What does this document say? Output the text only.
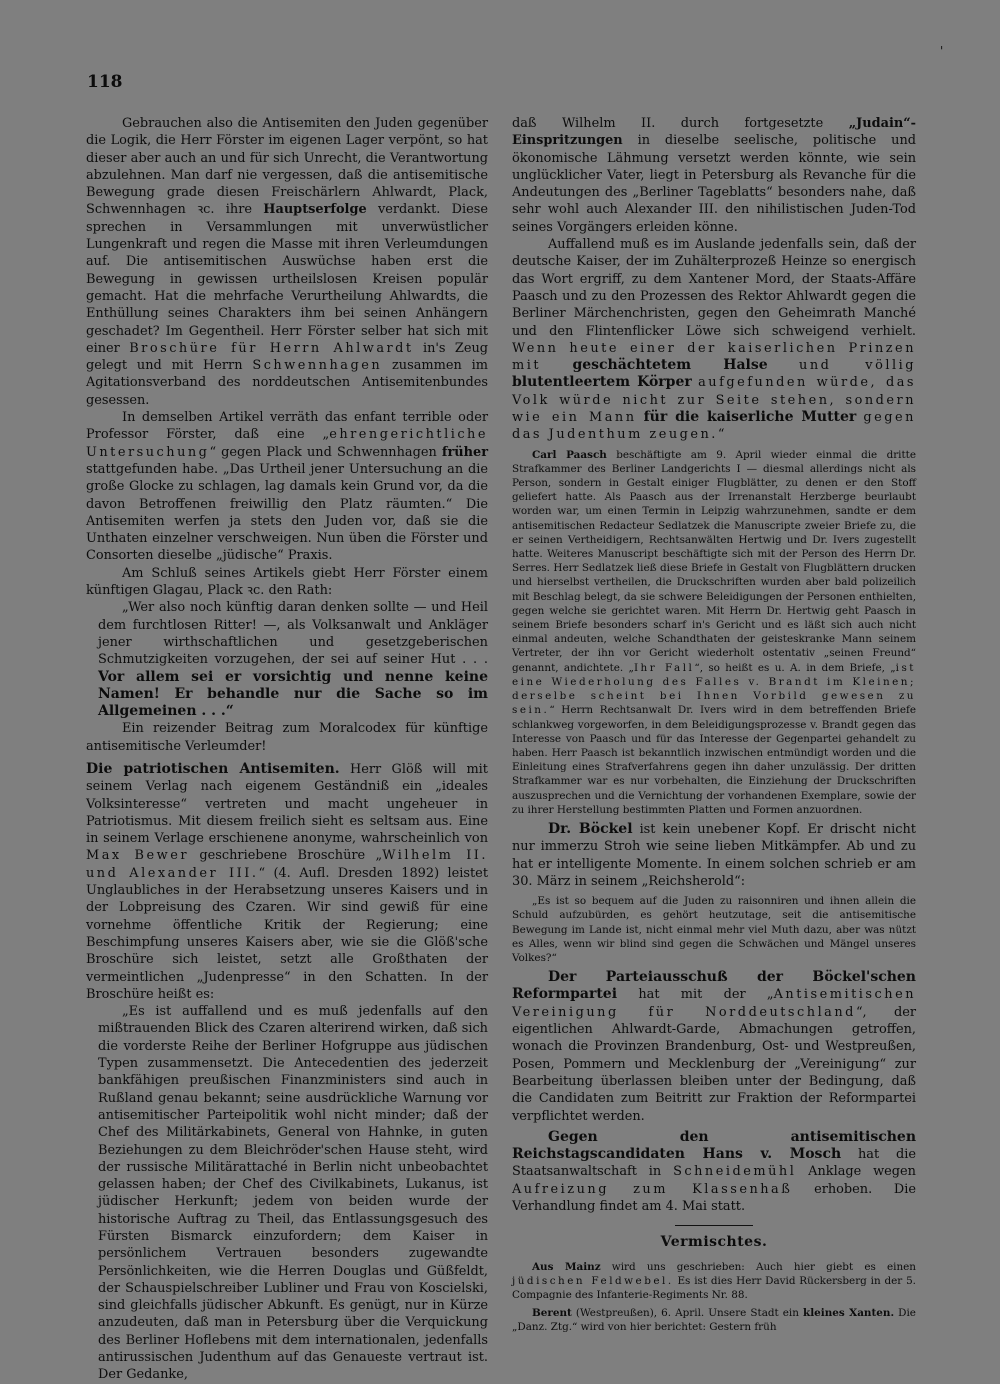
118
'

Gebrauchen also die Antisemiten den Juden gegenüber die Logik, die Herr Förster im eigenen Lager verpönt, so hat dieser aber auch an und für sich Unrecht, die Verantwortung abzulehnen. Man darf nie vergessen, daß die antisemitische Bewegung grade diesen Freischärlern Ahlwardt, Plack, Schwennhagen ꝛc. ihre Hauptserfolge verdankt. Diese sprechen in Versammlungen mit unverwüstlicher Lungenkraft und regen die Masse mit ihren Verleumdungen auf. Die antisemitischen Auswüchse haben erst die Bewegung in gewissen urtheilslosen Kreisen populär gemacht. Hat die mehrfache Verurtheilung Ahlwardts, die Enthüllung seines Charakters ihm bei seinen Anhängern geschadet? Im Gegentheil. Herr Förster selber hat sich mit einer Broschüre für Herrn Ahlwardt in's Zeug gelegt und mit Herrn Schwennhagen zusammen im Agitationsverband des norddeutschen Antisemitenbundes gesessen.

In demselben Artikel verräth das enfant terrible oder Professor Förster, daß eine „ehrengerichtliche Untersuchung“ gegen Plack und Schwennhagen früher stattgefunden habe. „Das Urtheil jener Untersuchung an die große Glocke zu schlagen, lag damals kein Grund vor, da die davon Betroffenen freiwillig den Platz räumten.“ Die Antisemiten werfen ja stets den Juden vor, daß sie die Unthaten einzelner verschweigen. Nun üben die Förster und Consorten dieselbe „jüdische“ Praxis.

Am Schluß seines Artikels giebt Herr Förster einem künftigen Glagau, Plack ꝛc. den Rath:

„Wer also noch künftig daran denken sollte — und Heil dem furchtlosen Ritter! —, als Volksanwalt und Ankläger jener wirthschaftlichen und gesetzgeberischen Schmutzigkeiten vorzugehen, der sei auf seiner Hut . . . Vor allem sei er vorsichtig und nenne keine Namen! Er behandle nur die Sache so im Allgemeinen . . .“

Ein reizender Beitrag zum Moralcodex für künftige antisemitische Verleumder!

Die patriotischen Antisemiten. Herr Glöß will mit seinem Verlag nach eigenem Geständniß ein „ideales Volksinteresse“ vertreten und macht ungeheuer in Patriotismus. Mit diesem freilich sieht es seltsam aus. Eine in seinem Verlage erschienene anonyme, wahrscheinlich von Max Bewer geschriebene Broschüre „Wilhelm II. und Alexander III.“ (4. Aufl. Dresden 1892) leistet Unglaubliches in der Herabsetzung unseres Kaisers und in der Lobpreisung des Czaren. Wir sind gewiß für eine vornehme öffentliche Kritik der Regierung; eine Beschimpfung unseres Kaisers aber, wie sie die Glöß'sche Broschüre sich leistet, setzt alle Großthaten der vermeintlichen „Judenpresse“ in den Schatten. In der Broschüre heißt es:

„Es ist auffallend und es muß jedenfalls auf den mißtrauenden Blick des Czaren alterirend wirken, daß sich die vorderste Reihe der Berliner Hofgruppe aus jüdischen Typen zusammensetzt. Die Antecedentien des jederzeit bankfähigen preußischen Finanzministers sind auch in Rußland genau bekannt; seine ausdrückliche Warnung vor antisemitischer Parteipolitik wohl nicht minder; daß der Chef des Militärkabinets, General von Hahnke, in guten Beziehungen zu dem Bleichröder'schen Hause steht, wird der russische Militärattaché in Berlin nicht unbeobachtet gelassen haben; der Chef des Civilkabinets, Lukanus, ist jüdischer Herkunft; jedem von beiden wurde der historische Auftrag zu Theil, das Entlassungsgesuch des Fürsten Bismarck einzufordern; dem Kaiser in persönlichem Vertrauen besonders zugewandte Persönlichkeiten, wie die Herren Douglas und Güßfeldt, der Schauspielschreiber Lubliner und Frau von Koscielski, sind gleichfalls jüdischer Abkunft. Es genügt, nur in Kürze anzudeuten, daß man in Petersburg über die Verquickung des Berliner Hoflebens mit dem internationalen, jedenfalls antirussischen Judenthum auf das Genaueste vertraut ist. Der Gedanke,

daß Wilhelm II. durch fortgesetzte „Judain“-Einspritzungen in dieselbe seelische, politische und ökonomische Lähmung versetzt werden könnte, wie sein unglücklicher Vater, liegt in Petersburg als Revanche für die Andeutungen des „Berliner Tageblatts“ besonders nahe, daß sehr wohl auch Alexander III. den nihilistischen Juden-Tod seines Vorgängers erleiden könne.

Auffallend muß es im Auslande jedenfalls sein, daß der deutsche Kaiser, der im Zuhälterprozeß Heinze so energisch das Wort ergriff, zu dem Xantener Mord, der Staats-Affäre Paasch und zu den Prozessen des Rektor Ahlwardt gegen die Berliner Märchenchristen, gegen den Geheimrath Manché und den Flintenflicker Löwe sich schweigend verhielt. Wenn heute einer der kaiserlichen Prinzen mit geschächtetem Halse und völlig blutentleertem Körper aufgefunden würde, das Volk würde nicht zur Seite stehen, sondern wie ein Mann für die kaiserliche Mutter gegen das Judenthum zeugen.“

Carl Paasch beschäftigte am 9. April wieder einmal die dritte Strafkammer des Berliner Landgerichts I — diesmal allerdings nicht als Person, sondern in Gestalt einiger Flugblätter, zu denen er den Stoff geliefert hatte. Als Paasch aus der Irrenanstalt Herzberge beurlaubt worden war, um einen Termin in Leipzig wahrzunehmen, sandte er dem antisemitischen Redacteur Sedlatzek die Manuscripte zweier Briefe zu, die er seinen Vertheidigern, Rechtsanwälten Hertwig und Dr. Ivers zugestellt hatte. Weiteres Manuscript beschäftigte sich mit der Person des Herrn Dr. Serres. Herr Sedlatzek ließ diese Briefe in Gestalt von Flugblättern drucken und hierselbst vertheilen, die Druckschriften wurden aber bald polizeilich mit Beschlag belegt, da sie schwere Beleidigungen der Personen enthielten, gegen welche sie gerichtet waren. Mit Herrn Dr. Hertwig geht Paasch in seinem Briefe besonders scharf in's Gericht und es läßt sich auch nicht einmal andeuten, welche Schandthaten der geisteskranke Mann seinem Vertreter, der ihn vor Gericht wiederholt ostentativ „seinen Freund“ genannt, andichtete. „Ihr Fall“, so heißt es u. A. in dem Briefe, „ist eine Wiederholung des Falles v. Brandt im Kleinen; derselbe scheint bei Ihnen Vorbild gewesen zu sein.“ Herrn Rechtsanwalt Dr. Ivers wird in dem betreffenden Briefe schlankweg vorgeworfen, in dem Beleidigungsprozesse v. Brandt gegen das Interesse von Paasch und für das Interesse der Gegenpartei gehandelt zu haben. Herr Paasch ist bekanntlich inzwischen entmündigt worden und die Einleitung eines Strafverfahrens gegen ihn daher unzulässig. Der dritten Strafkammer war es nur vorbehalten, die Einziehung der Druckschriften auszusprechen und die Vernichtung der vorhandenen Exemplare, sowie der zu ihrer Herstellung bestimmten Platten und Formen anzuordnen.

Dr. Böckel ist kein unebener Kopf. Er drischt nicht nur immerzu Stroh wie seine lieben Mitkämpfer. Ab und zu hat er intelligente Momente. In einem solchen schrieb er am 30. März in seinem „Reichsherold“:

„Es ist so bequem auf die Juden zu raisonniren und ihnen allein die Schuld aufzubürden, es gehört heutzutage, seit die antisemitische Bewegung im Lande ist, nicht einmal mehr viel Muth dazu, aber was nützt es Alles, wenn wir blind sind gegen die Schwächen und Mängel unseres Volkes?“

Der Parteiausschuß der Böckel'schen Reformpartei hat mit der „Antisemitischen Vereinigung für Norddeutschland“, der eigentlichen Ahlwardt-Garde, Abmachungen getroffen, wonach die Provinzen Brandenburg, Ost- und Westpreußen, Posen, Pommern und Mecklenburg der „Vereinigung“ zur Bearbeitung überlassen bleiben unter der Bedingung, daß die Candidaten zum Beitritt zur Fraktion der Reformpartei verpflichtet werden.

Gegen den antisemitischen Reichstagscandidaten Hans v. Mosch hat die Staatsanwaltschaft in Schneidemühl Anklage wegen Aufreizung zum Klassenhaß erhoben. Die Verhandlung findet am 4. Mai statt.

Vermischtes.

Aus Mainz wird uns geschrieben: Auch hier giebt es einen jüdischen Feldwebel. Es ist dies Herr David Rückersberg in der 5. Compagnie des Infanterie-Regiments Nr. 88.

Berent (Westpreußen), 6. April. Unsere Stadt ein kleines Xanten. Die „Danz. Ztg.“ wird von hier berichtet: Gestern früh
